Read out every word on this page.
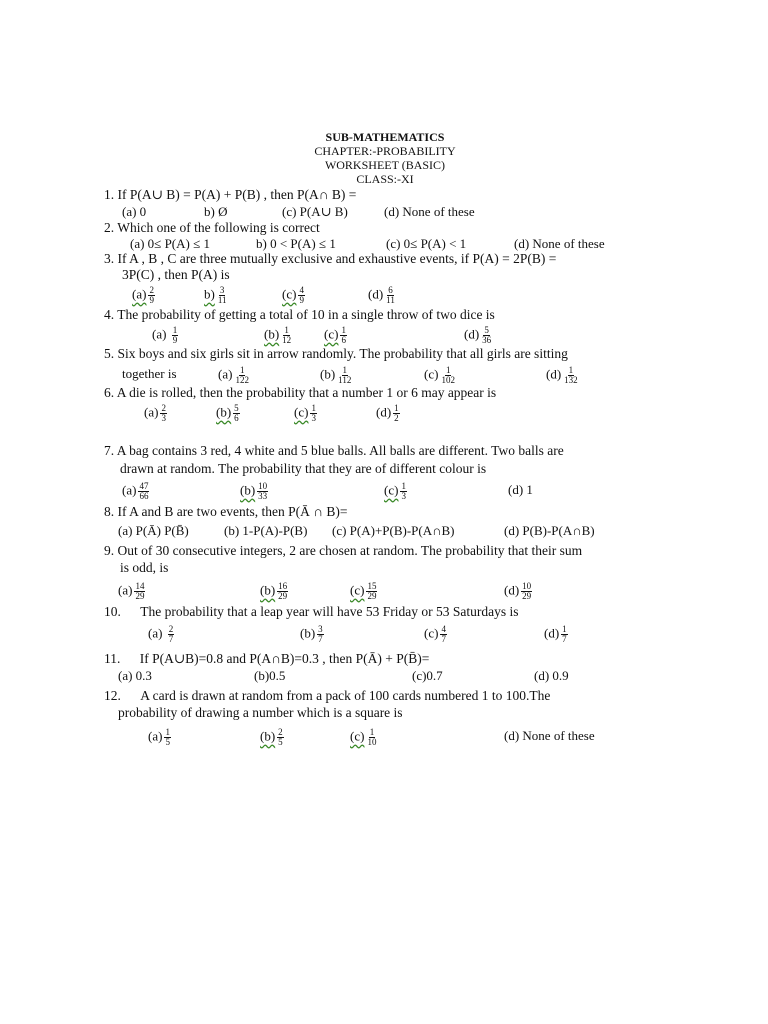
SUB-MATHEMATICS
CHAPTER:-PROBABILITY
WORKSHEET (BASIC)
CLASS:-XI
1. If P(A∪ B) = P(A) + P(B) , then P(A∩ B) =
(a) 0	b) Ø	(c) P(A∪ B)	(d) None of these
2. Which one of the following is correct
(a) 0≤ P(A) ≤ 1	b) 0 < P(A) ≤ 1	(c) 0≤ P(A) < 1	(d) None of these
3. If A , B , C are three mutually exclusive and exhaustive events, if P(A) = 2P(B) =
3P(C) , then P(A) is
$(a) \frac{2}{9}$	$b) \frac{3}{11}$	$(c) \frac{4}{9}$	$(d) \frac{6}{11}$
4. The probability of getting a total of 10 in a single throw of two dice is
$(a) \frac{1}{9}$	$(b) \frac{1}{12} (c) \frac{1}{6}$	$(d) \frac{5}{36}$
5. Six boys and six girls sit in arrow randomly. The probability that all girls are sitting
together is	$(a) \frac{1}{122}$	$(b) \frac{1}{112}$	$(c) \frac{1}{102}$	$(d) \frac{1}{132}$
6. A die is rolled, then the probability that a number 1 or 6 may appear is
$(a) \frac{2}{3}$	$(b) \frac{5}{6}$	$(c) \frac{1}{3}$	$(d) \frac{1}{2}$
7. A bag contains 3 red, 4 white and 5 blue balls. All balls are different. Two balls are
drawn at random. The probability that they are of different colour is
$(a) \frac{47}{66}$	$(b) \frac{10}{33}$	$(c) \frac{1}{3}$	(d) 1
8. If A and B are two events, then P(Ā ∩ B)=
(a) P(Ā) P(B̄)	(b) 1-P(A)-P(B) (c) P(A)+P(B)-P(A∩B)	(d) P(B)-P(A∩B)
9. Out of 30 consecutive integers, 2 are chosen at random. The probability that their sum
is odd, is
$(a) \frac{14}{29}$	$(b) \frac{16}{29}$	$(c) \frac{15}{29}$	$(d) \frac{10}{29}$
10. The probability that a leap year will have 53 Friday or 53 Saturdays is
$(a) \frac{2}{7}$	$(b) \frac{3}{7}$	$(c) \frac{4}{7}$	$(d) \frac{1}{7}$
11. If P(A∪B)=0.8 and P(A∩B)=0.3 , then P(Ā) + P(B̄)=
(a) 0.3	(b)0.5	(c)0.7	(d) 0.9
12. A card is drawn at random from a pack of 100 cards numbered 1 to 100.The
probability of drawing a number which is a square is
$(a) \frac{1}{5}$	$(b) \frac{2}{5}$	$(c) \frac{1}{10}$	(d) None of these
